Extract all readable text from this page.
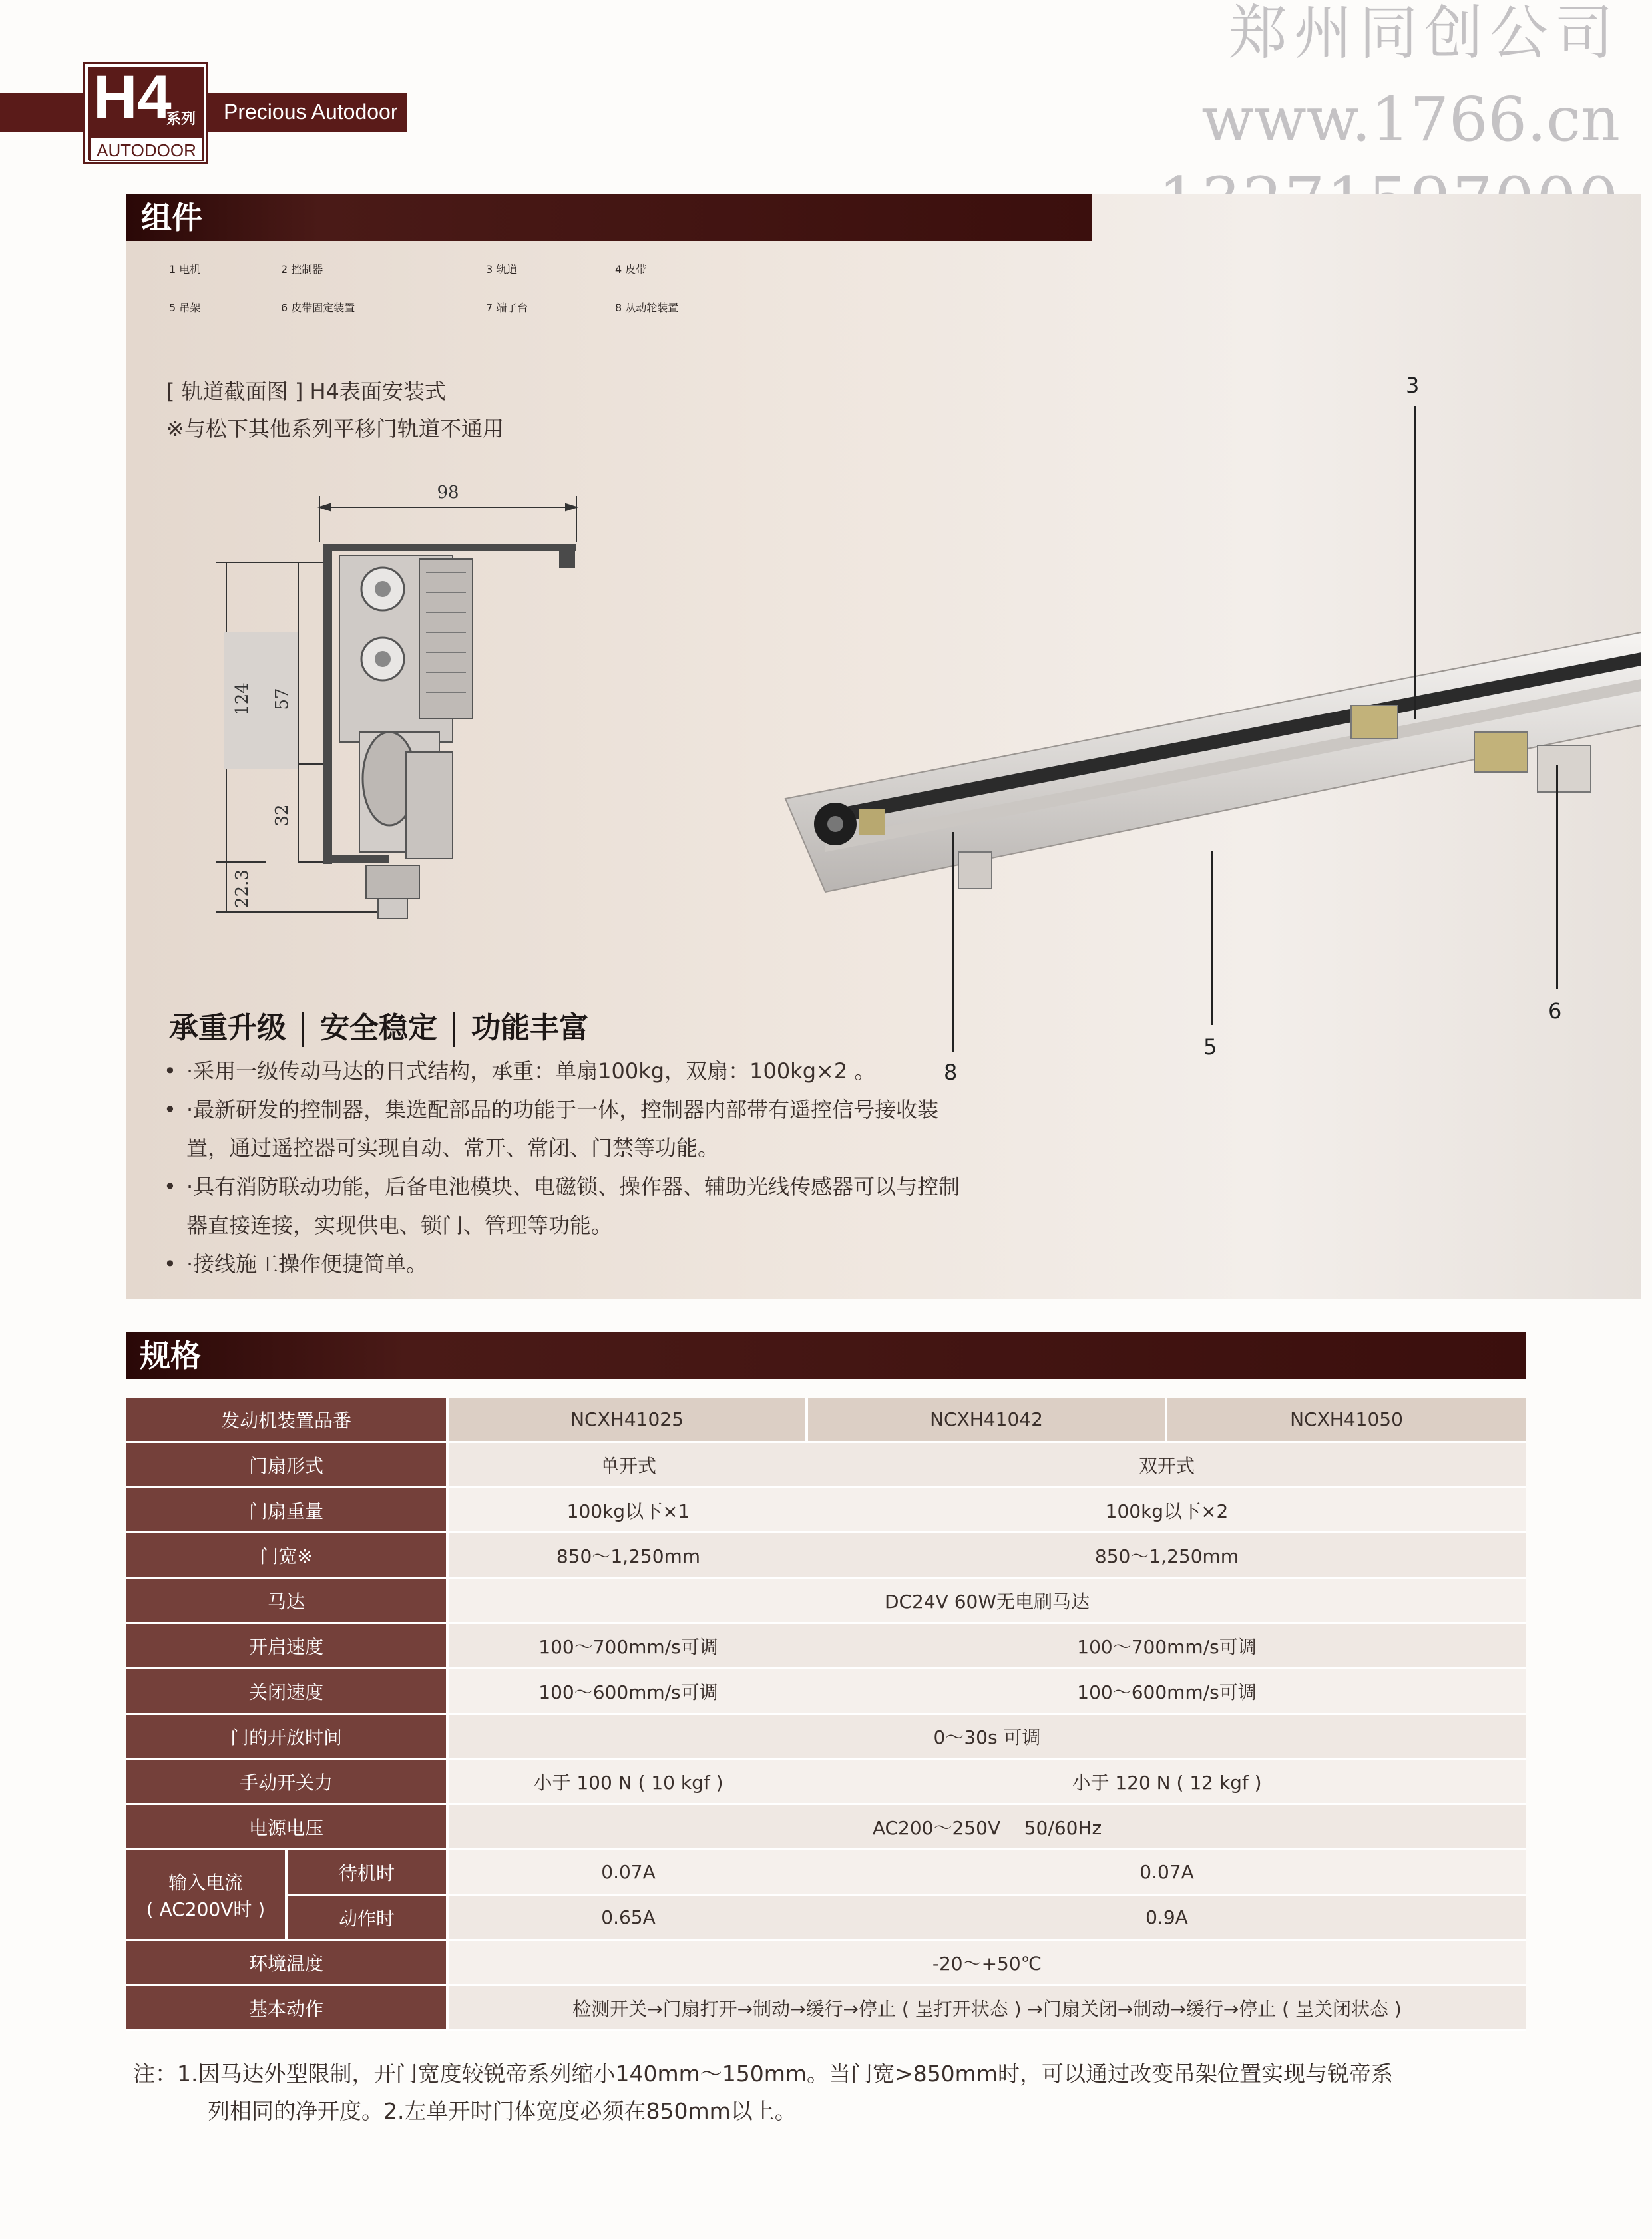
郑州同创公司
www.1766.cn
H4
系列 Precious Autodoor
AUTODOOR
组件
1 电机	2 控制器	3 轨道	4 皮带
5 吊架	6 皮带固定装置	7 端子台	8 从动轮装置
[ 轨道截面图 ] H4表面安装式
※与松下其他系列平移门轨道不通用
98
124 57
32
22.3
3
5
6
8
承重升级 安全稳定 功能丰富
• ·采用一级传动马达的日式结构，承重：单扇100kg，双扇：100kg×2 。
• ·最新研发的控制器，集选配部品的功能于一体，控制器内部带有遥控信号接收装置，通过遥控器可实现自动、常开、常闭、门禁等功能。
• ·具有消防联动功能，后备电池模块、电磁锁、操作器、辅助光线传感器可以与控制器直接连接，实现供电、锁门、管理等功能。
• ·接线施工操作便捷简单。
规格
发动机装置品番		NCXH41025	NCXH41042	NCXH41050
门扇形式		单开式	双开式	
门扇重量		100kg以下×1	100kg以下×2	
门宽※		850～1,250mm	850～1,250mm	
马达		DC24V 60W无电刷马达		
开启速度		100～700mm/s可调	100～700mm/s可调	
关闭速度		100～600mm/s可调	100～600mm/s可调	
门的开放时间		0～30s 可调		
手动开关力		小于 100 N ( 10 kgf )	小于 120 N ( 12 kgf )	
电源电压		AC200～250V    50/60Hz		

输入电流
( AC200V时 )	待机时	0.07A	0.07A	
	动作时	0.65A	0.9A	
环境温度		-20～+50℃		
基本动作		检测开关→门扇打开→制动→缓行→停止 ( 呈打开状态 ) →门扇关闭→制动→缓行→停止 ( 呈关闭状态 )		
注：1.因马达外型限制，开门宽度较锐帝系列缩小140mm～150mm。当门宽>850mm时，可以通过改变吊架位置实现与锐帝系
列相同的净开度。2.左单开时门体宽度必须在850mm以上。
